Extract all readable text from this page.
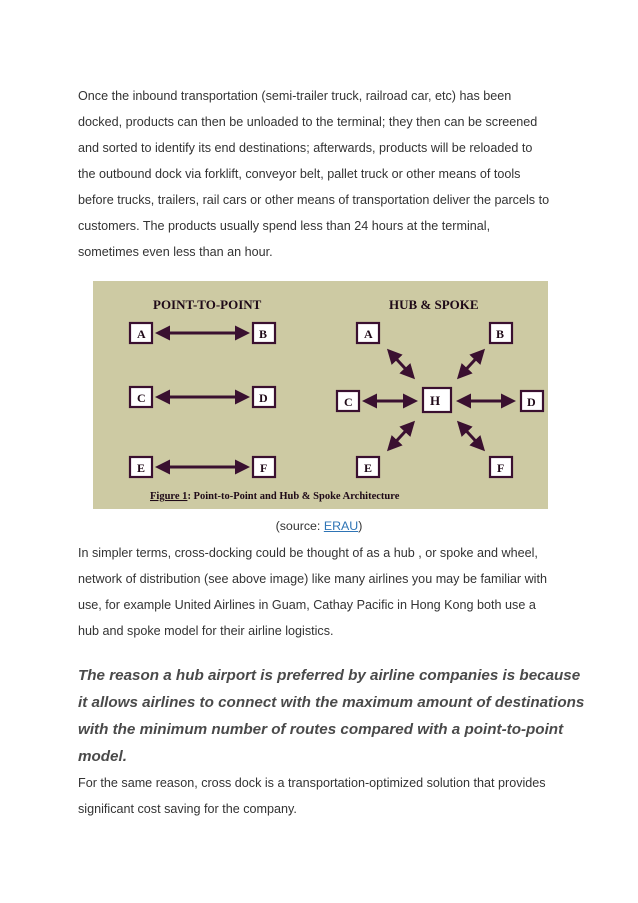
Once the inbound transportation (semi-trailer truck, railroad car, etc) has been
docked, products can then be unloaded to the terminal; they then can be screened
and sorted to identify its end destinations; afterwards, products will be reloaded to
the outbound dock via forklift, conveyor belt, pallet truck or other means of tools
before trucks, trailers, rail cars or other means of transportation deliver the parcels to
customers. The products usually spend less than 24 hours at the terminal,
sometimes even less than an hour.
POINT-TO-POINT	HUB & SPOKE
A	B
C	D
E	F
A	B
C	H	D
E	F
Figure 1: Point-to-Point and Hub & Spoke Architecture
(source: ERAU)
In simpler terms, cross-docking could be thought of as a hub , or spoke and wheel,
network of distribution (see above image) like many airlines you may be familiar with
use, for example United Airlines in Guam, Cathay Pacific in Hong Kong both use a
hub and spoke model for their airline logistics.
The reason a hub airport is preferred by airline companies is because
it allows airlines to connect with the maximum amount of destinations
with the minimum number of routes compared with a point-to-point
model.
For the same reason, cross dock is a transportation-optimized solution that provides
significant cost saving for the company.
